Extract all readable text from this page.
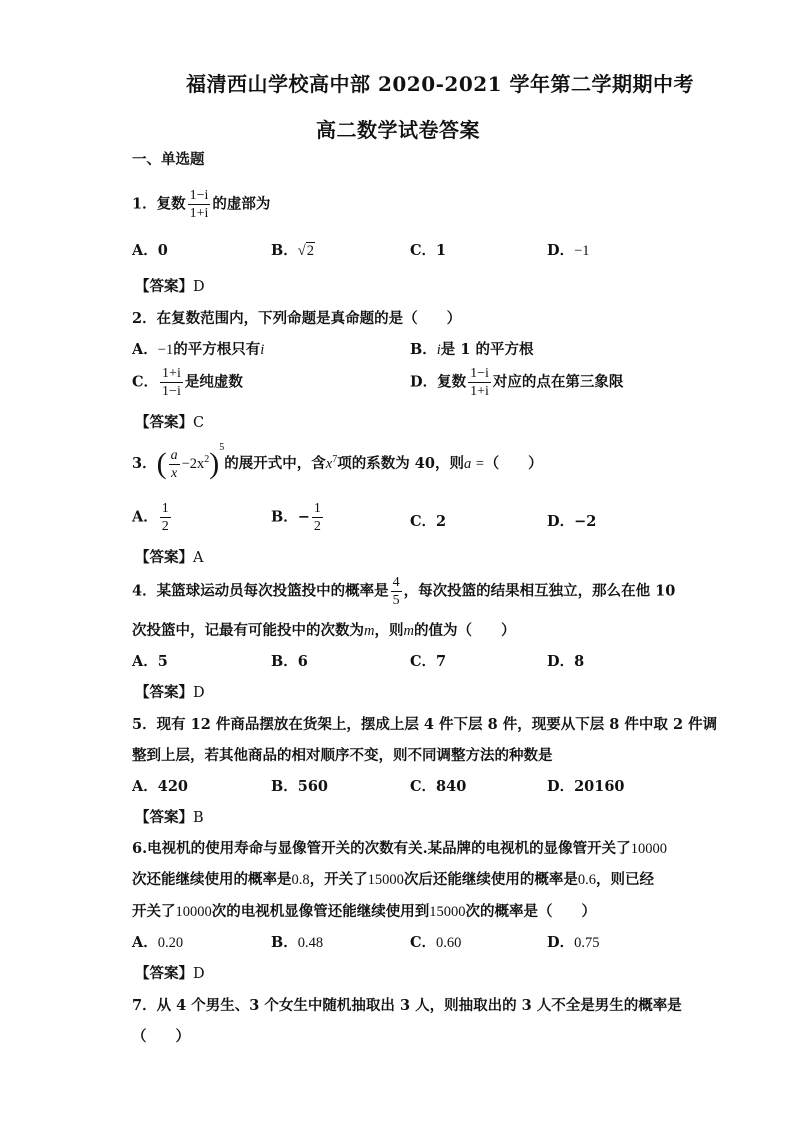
福清西山学校高中部 2020-2021 学年第二学期期中考
高二数学试卷答案
一、单选题
1．复数 $\frac{1-i}{1+i}$ 的虚部为
A．0	B．√2	C．1	D．−1
【答案】D
2．在复数范围内，下列命题是真命题的是（　　）
A．−1的平方根只有i	B．i是 1 的平方根
C． $\frac{1+i}{1-i}$ 是纯虚数	D．复数 $\frac{1-i}{1+i}$ 对应的点在第三象限
【答案】C
3．( $\frac{a}{x} -2x^2)^5$的展开式中，含$x^7$项的系数为 40，则a =（　　）
A． $\frac{1}{2}$	B．− $\frac{1}{2}$	C．2	D．−2
【答案】A
4．某篮球运动员每次投篮投中的概率是 $\frac{4}{5}$ ，每次投篮的结果相互独立，那么在他 10
次投篮中，记最有可能投中的次数为m，则m的值为（　　）
A．5	B．6	C．7	D．8
【答案】D
5．现有 12 件商品摆放在货架上，摆成上层 4 件下层 8 件，现要从下层 8 件中取 2 件调
整到上层，若其他商品的相对顺序不变，则不同调整方法的种数是
A．420	B．560	C．840	D．20160
【答案】B
6.电视机的使用寿命与显像管开关的次数有关.某品牌的电视机的显像管开关了10000
次还能继续使用的概率是0.8，开关了15000次后还能继续使用的概率是0.6，则已经
开关了10000次的电视机显像管还能继续使用到15000次的概率是（　　）
A．0.20	B．0.48	C．0.60	D．0.75
【答案】D
7．从 4 个男生、3 个女生中随机抽取出 3 人，则抽取出的 3 人不全是男生的概率是
（　　）
